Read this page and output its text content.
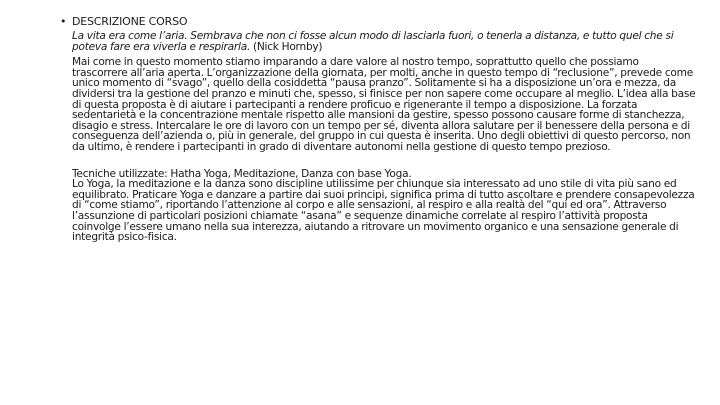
• DESCRIZIONE CORSO
La vita era come l’aria. Sembrava che non ci fosse alcun modo di lasciarla fuori, o tenerla a distanza, e tutto quel che si poteva fare era viverla e respirarla. (Nick Hornby)
Mai come in questo momento stiamo imparando a dare valore al nostro tempo, soprattutto quello che possiamo trascorrere all’aria aperta. L’organizzazione della giornata, per molti, anche in questo tempo di “reclusione”, prevede come unico momento di “svago”, quello della cosiddetta “pausa pranzo”. Solitamente si ha a disposizione un’ora e mezza, da dividersi tra la gestione del pranzo e minuti che, spesso, si finisce per non sapere come occupare al meglio. L’idea alla base di questa proposta è di aiutare i partecipanti a rendere proficuo e rigenerante il tempo a disposizione. La forzata sedentarietà e la concentrazione mentale rispetto alle mansioni da gestire, spesso possono causare forme di stanchezza, disagio e stress. Intercalare le ore di lavoro con un tempo per sé, diventa allora salutare per il benessere della persona e di conseguenza dell’azienda o, più in generale, del gruppo in cui questa è inserita. Uno degli obiettivi di questo percorso, non da ultimo, è rendere i partecipanti in grado di diventare autonomi nella gestione di questo tempo prezioso.
Tecniche utilizzate: Hatha Yoga, Meditazione, Danza con base Yoga.
Lo Yoga, la meditazione e la danza sono discipline utilissime per chiunque sia interessato ad uno stile di vita più sano ed equilibrato. Praticare Yoga e danzare a partire dai suoi principi, significa prima di tutto ascoltare e prendere consapevolezza di “come stiamo”, riportando l’attenzione al corpo e alle sensazioni, al respiro e alla realtà del “qui ed ora”. Attraverso l’assunzione di particolari posizioni chiamate “asana” e sequenze dinamiche correlate al respiro l’attività proposta coinvolge l’essere umano nella sua interezza, aiutando a ritrovare un movimento organico e una sensazione generale di integrità psico-fisica.
